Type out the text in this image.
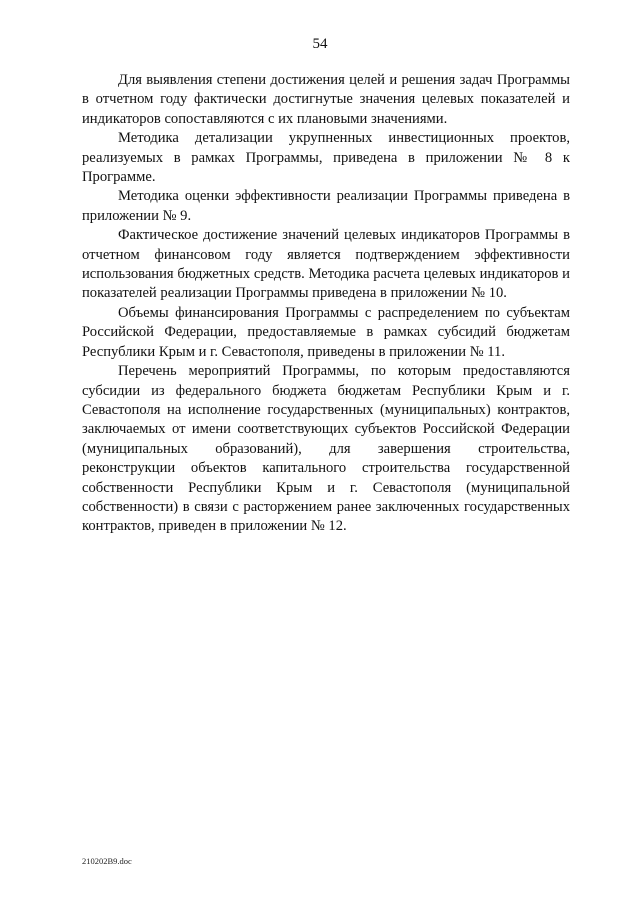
54

Для выявления степени достижения целей и решения задач Программы в отчетном году фактически достигнутые значения целевых показателей и индикаторов сопоставляются с их плановыми значениями.

Методика детализации укрупненных инвестиционных проектов, реализуемых в рамках Программы, приведена в приложении № 8 к Программе.

Методика оценки эффективности реализации Программы приведена в приложении № 9.

Фактическое достижение значений целевых индикаторов Программы в отчетном финансовом году является подтверждением эффективности использования бюджетных средств. Методика расчета целевых индикаторов и показателей реализации Программы приведена в приложении № 10.

Объемы финансирования Программы с распределением по субъектам Российской Федерации, предоставляемые в рамках субсидий бюджетам Республики Крым и г. Севастополя, приведены в приложении № 11.

Перечень мероприятий Программы, по которым предоставляются субсидии из федерального бюджета бюджетам Республики Крым и г. Севастополя на исполнение государственных (муниципальных) контрактов, заключаемых от имени соответствующих субъектов Российской Федерации (муниципальных образований), для завершения строительства, реконструкции объектов капитального строительства государственной собственности Республики Крым и г. Севастополя (муниципальной собственности) в связи с расторжением ранее заключенных государственных контрактов, приведен в приложении № 12.

210202В9.doc
